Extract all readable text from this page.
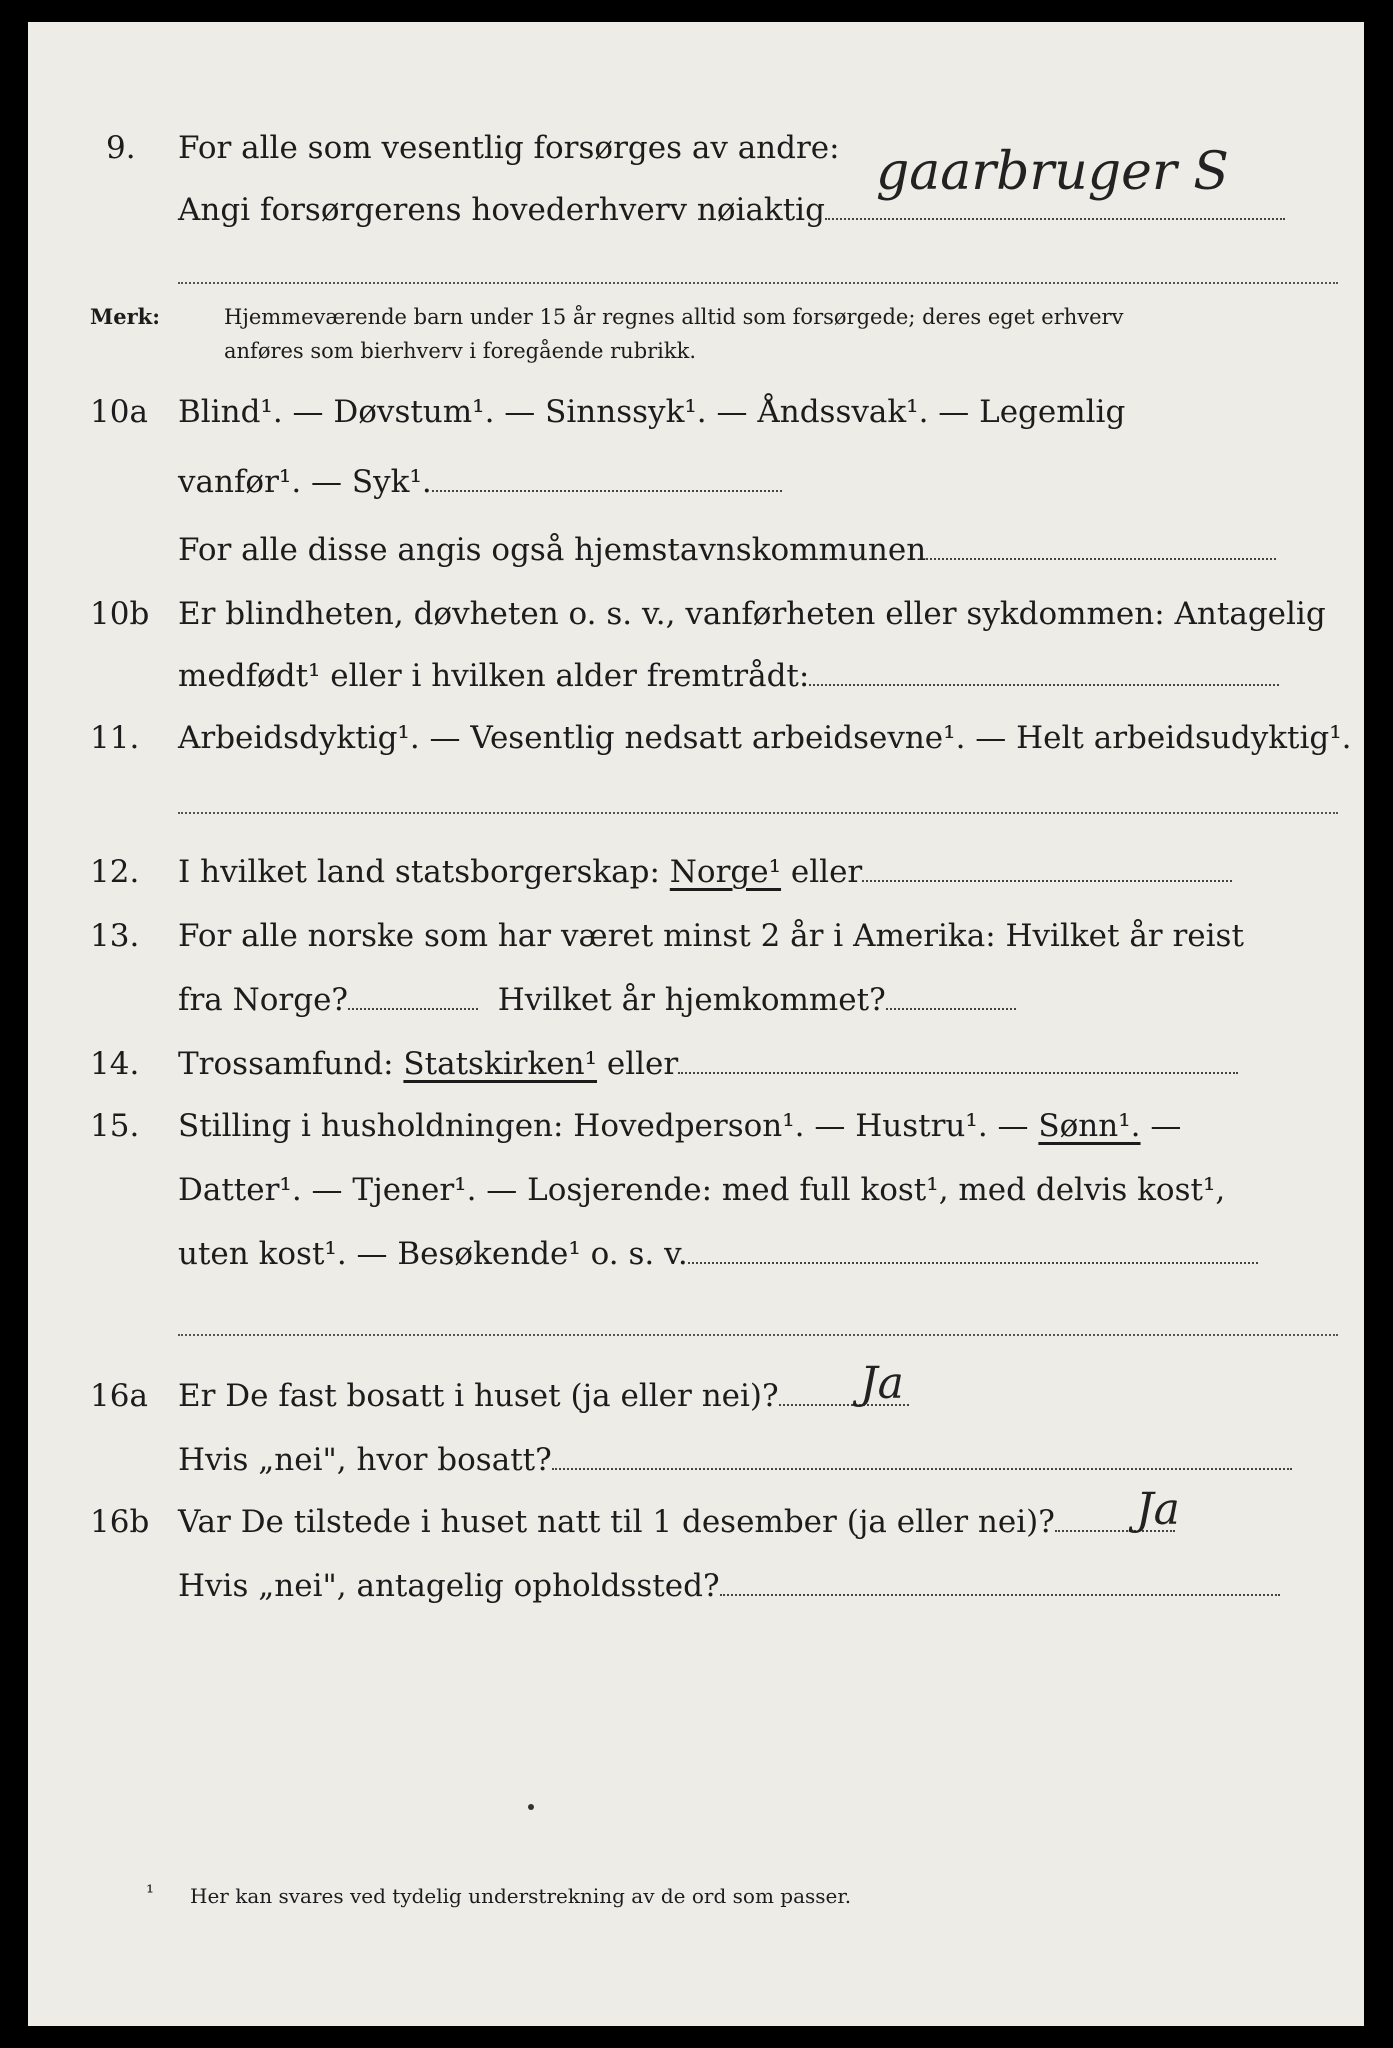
9. For alle som vesentlig forsørges av andre:
Angi forsørgerens hovederhverv nøiaktig
gaarbruger S
Merk:	Hjemmeværende barn under 15 år regnes alltid som forsørgede; deres eget erhverv
anføres som bierhverv i foregående rubrikk.
10a Blind¹. — Døvstum¹. — Sinnssyk¹. — Åndssvak¹. — Legemlig
vanfør¹. — Syk¹.
For alle disse angis også hjemstavnskommunen
10b Er blindheten, døvheten o. s. v., vanførheten eller sykdommen: Antagelig
medfødt¹ eller i hvilken alder fremtrådt:
11. Arbeidsdyktig¹. — Vesentlig nedsatt arbeidsevne¹. — Helt arbeidsudyktig¹.
12. I hvilket land statsborgerskap: Norge¹ eller
13. For alle norske som har været minst 2 år i Amerika: Hvilket år reist
fra Norge?	Hvilket år hjemkommet?
14. Trossamfund: Statskirken¹ eller
15. Stilling i husholdningen: Hovedperson¹. — Hustru¹. — Sønn¹. —
Datter¹. — Tjener¹. — Losjerende: med full kost¹, med delvis kost¹,
uten kost¹. — Besøkende¹ o. s. v.
16a Er De fast bosatt i huset (ja eller nei)?	Ja
Hvis „nei", hvor bosatt?
16b Var De tilstede i huset natt til 1 desember (ja eller nei)?	Ja
Hvis „nei", antagelig opholdssted?
¹ Her kan svares ved tydelig understrekning av de ord som passer.
